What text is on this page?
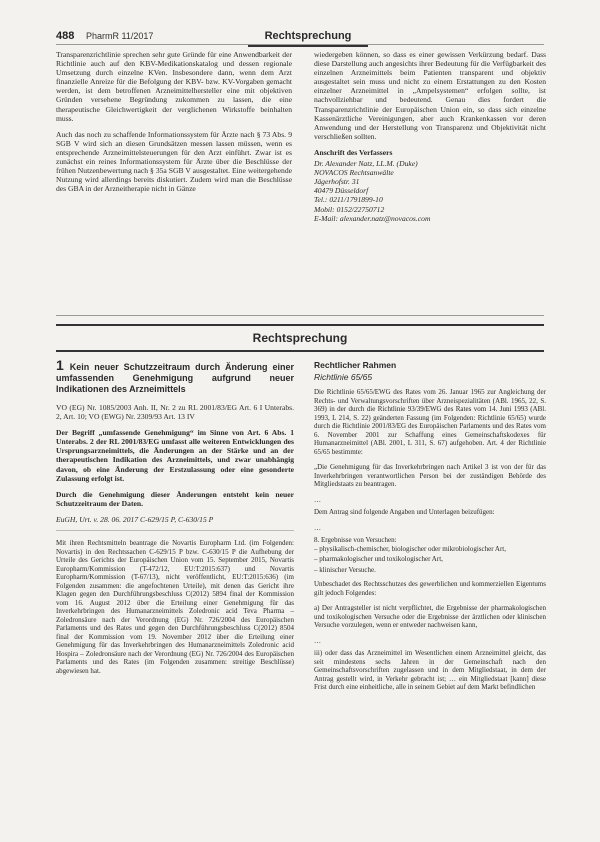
488 PharmR 11/2017	Rechtsprechung

Transparenzrichtlinie sprechen sehr gute Gründe für eine Anwendbarkeit der Richtlinie auch auf den KBV-Medikationskatalog und dessen regionale Umsetzung durch einzelne KVen. Insbesondere dann, wenn dem Arzt finanzielle Anreize für die Befolgung der KBV- bzw. KV-Vorgaben gemacht werden, ist dem betroffenen Arzneimittelhersteller eine mit objektiven Gründen versehene Begründung zukommen zu lassen, die eine therapeutische Gleichwertigkeit der verglichenen Wirkstoffe beinhalten muss.

Auch das noch zu schaffende Informationssystem für Ärzte nach § 73 Abs. 9 SGB V wird sich an diesen Grundsätzen messen lassen müssen, wenn es entsprechende Arzneimittelsteuerungen für den Arzt einführt. Zwar ist es zunächst ein reines Informationssystem für Ärzte über die Beschlüsse der frühen Nutzenbewertung nach § 35a SGB V ausgestaltet. Eine weitergehende Nutzung wird allerdings bereits diskutiert. Zudem wird man die Beschlüsse des GBA in der Arzneitherapie nicht in Gänze

wiedergeben können, so dass es einer gewissen Verkürzung bedarf. Dass diese Darstellung auch angesichts ihrer Bedeutung für die Verfügbarkeit des einzelnen Arzneimittels beim Patienten transparent und objektiv ausgestaltet sein muss und nicht zu einem Erstattungen zu den Kosten einzelner Arzneimittel in „Ampelsystemen“ erfolgen sollte, ist nachvollziehbar und bedeutend. Genau dies fordert die Transparenzrichtlinie der Europäischen Union ein, so dass sich einzelne Kassenärztliche Vereinigungen, aber auch Krankenkassen vor deren Anwendung und der Herstellung von Transparenz und Objektivität nicht verschließen sollten.

Anschrift des Verfassers
Dr. Alexander Natz, LL.M. (Duke)
NOVACOS Rechtsanwälte
Jägerhofstr. 31
40479 Düsseldorf
Tel.: 0211/1791899-10
Mobil: 0152/22750712
E-Mail: alexander.natz@novacos.com
Rechtsprechung
1 Kein neuer Schutzzeitraum durch Änderung einer umfassenden Genehmigung aufgrund neuer Indikationen des Arzneimittels

VO (EG) Nr. 1085/2003 Anh. II, Nr. 2 zu RL 2001/83/EG Art. 6 I Unterabs. 2, Art. 10; VO (EWG) Nr. 2309/93 Art. 13 IV

Der Begriff „umfassende Genehmigung“ im Sinne von Art. 6 Abs. 1 Unterabs. 2 der RL 2001/83/EG umfasst alle weiteren Entwicklungen des Ursprungsarzneimittels, die Änderungen an der Stärke und an der therapeutischen Indikation des Arzneimittels, und zwar unabhängig davon, ob eine Änderung der Erstzulassung oder eine gesonderte Zulassung erfolgt ist.

Durch die Genehmigung dieser Änderungen entsteht kein neuer Schutzzeitraum der Daten.

EuGH, Urt. v. 28. 06. 2017 C-629/15 P, C-630/15 P

Mit ihren Rechtsmitteln beantrage die Novartis Europharm Ltd. (im Folgenden: Novartis) in den Rechtssachen C-629/15 P bzw. C-630/15 P die Aufhebung der Urteile des Gerichts der Europäischen Union vom 15. September 2015, Novartis Europharm/Kommission (T-472/12, EU:T:2015:637) und Novartis Europharm/Kommission (T-67/13), nicht veröffentlicht, EU:T:2015:636) (im Folgenden zusammen: die angefochtenen Urteile), mit denen das Gericht ihre Klagen gegen den Durchführungsbeschluss C(2012) 5894 final der Kommission vom 16. August 2012 über die Erteilung einer Genehmigung für das Inverkehrbringen des Humanarzneimittels Zoledronic acid Teva Pharma – Zoledronsäure nach der Verordnung (EG) Nr. 726/2004 des Europäischen Parlaments und des Rates und gegen den Durchführungsbeschluss C(2012) 8504 final der Kommission vom 19. November 2012 über die Erteilung einer Genehmigung für das Inverkehrbringen des Humanarzneimittels Zoledronic acid Hospira – Zoledronsäure nach der Verordnung (EG) Nr. 726/2004 des Europäischen Parlaments und des Rates (im Folgenden zusammen: streitige Beschlüsse) abgewiesen hat.

Rechtlicher Rahmen
Richtlinie 65/65

Die Richtlinie 65/65/EWG des Rates vom 26. Januar 1965 zur Angleichung der Rechts- und Verwaltungsvorschriften über Arzneispezialitäten (ABl. 1965, 22, S. 369) in der durch die Richtlinie 93/39/EWG des Rates vom 14. Juni 1993 (ABl. 1993, L 214, S. 22) geänderten Fassung (im Folgenden: Richtlinie 65/65) wurde durch die Richtlinie 2001/83/EG des Europäischen Parlaments und des Rates vom 6. November 2001 zur Schaffung eines Gemeinschaftskodexes für Humanarzneimittel (ABl. 2001, L 311, S. 67) aufgehoben. Art. 4 der Richtlinie 65/65 bestimmte:

„Die Genehmigung für das Inverkehrbringen nach Artikel 3 ist von der für das Inverkehrbringen verantwortlichen Person bei der zuständigen Behörde des Mitgliedstaats zu beantragen.

…

Dem Antrag sind folgende Angaben und Unterlagen beizufügen:

…
8. Ergebnisse von Versuchen:
– physikalisch-chemischer, biologischer oder mikrobiologischer Art,
– pharmakologischer und toxikologischer Art,
– klinischer Versuche.

Unbeschadet des Rechtsschutzes des gewerblichen und kommerziellen Eigentums gilt jedoch Folgendes:

a) Der Antragsteller ist nicht verpflichtet, die Ergebnisse der pharmakologischen und toxikologischen Versuche oder die Ergebnisse der ärztlichen oder klinischen Versuche vorzulegen, wenn er entweder nachweisen kann,

…

iii) oder dass das Arzneimittel im Wesentlichen einem Arzneimittel gleicht, das seit mindestens sechs Jahren in der Gemeinschaft nach den Gemeinschaftsvorschriften zugelassen und in dem Mitgliedstaat, in dem der Antrag gestellt wird, in Verkehr gebracht ist; … ein Mitgliedstaat [kann] diese Frist durch eine einheitliche, alle in seinem Gebiet auf dem Markt befindlichen
